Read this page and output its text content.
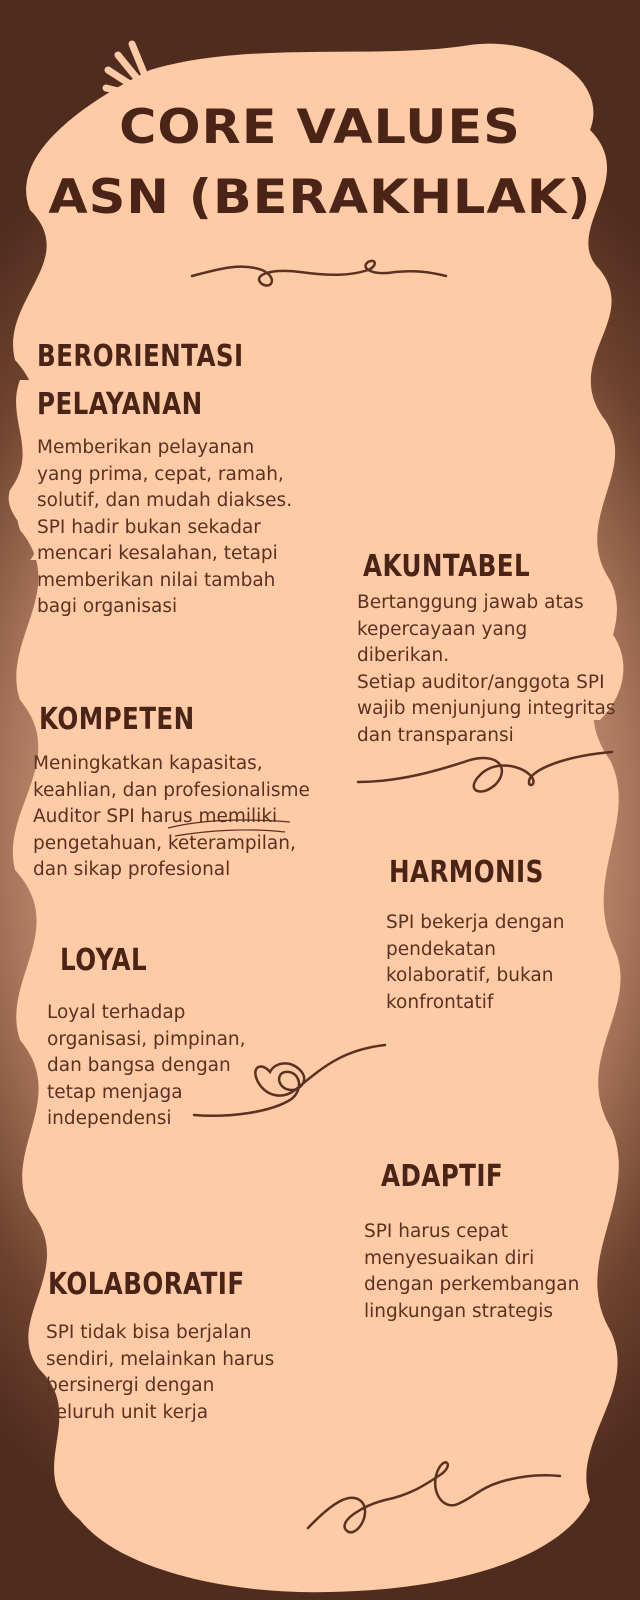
CORE VALUES
ASN (BERAKHLAK)
BERORIENTASI
PELAYANAN

Memberikan pelayanan

yang prima, cepat, ramah,

solutif, dan mudah diakses.

SPI hadir bukan sekadar

mencari kesalahan, tetapi

memberikan nilai tambah

bagi organisasi

AKUNTABEL

Bertanggung jawab atas

kepercayaan yang

diberikan.

Setiap auditor/anggota SPI

wajib menjunjung integritas

dan transparansi

KOMPETEN

Meningkatkan kapasitas,

keahlian, dan profesionalisme

Auditor SPI harus memiliki

pengetahuan, keterampilan,

dan sikap profesional	HARMONIS

SPI bekerja dengan

pendekatan

kolaboratif, bukan

konfrontatif

LOYAL

Loyal terhadap

organisasi, pimpinan,

dan bangsa dengan

tetap menjaga

independensi

ADAPTIF

SPI harus cepat

menyesuaikan diri

dengan perkembangan

lingkungan strategis

KOLABORATIF

SPI tidak bisa berjalan

sendiri, melainkan harus

bersinergi dengan

seluruh unit kerja
